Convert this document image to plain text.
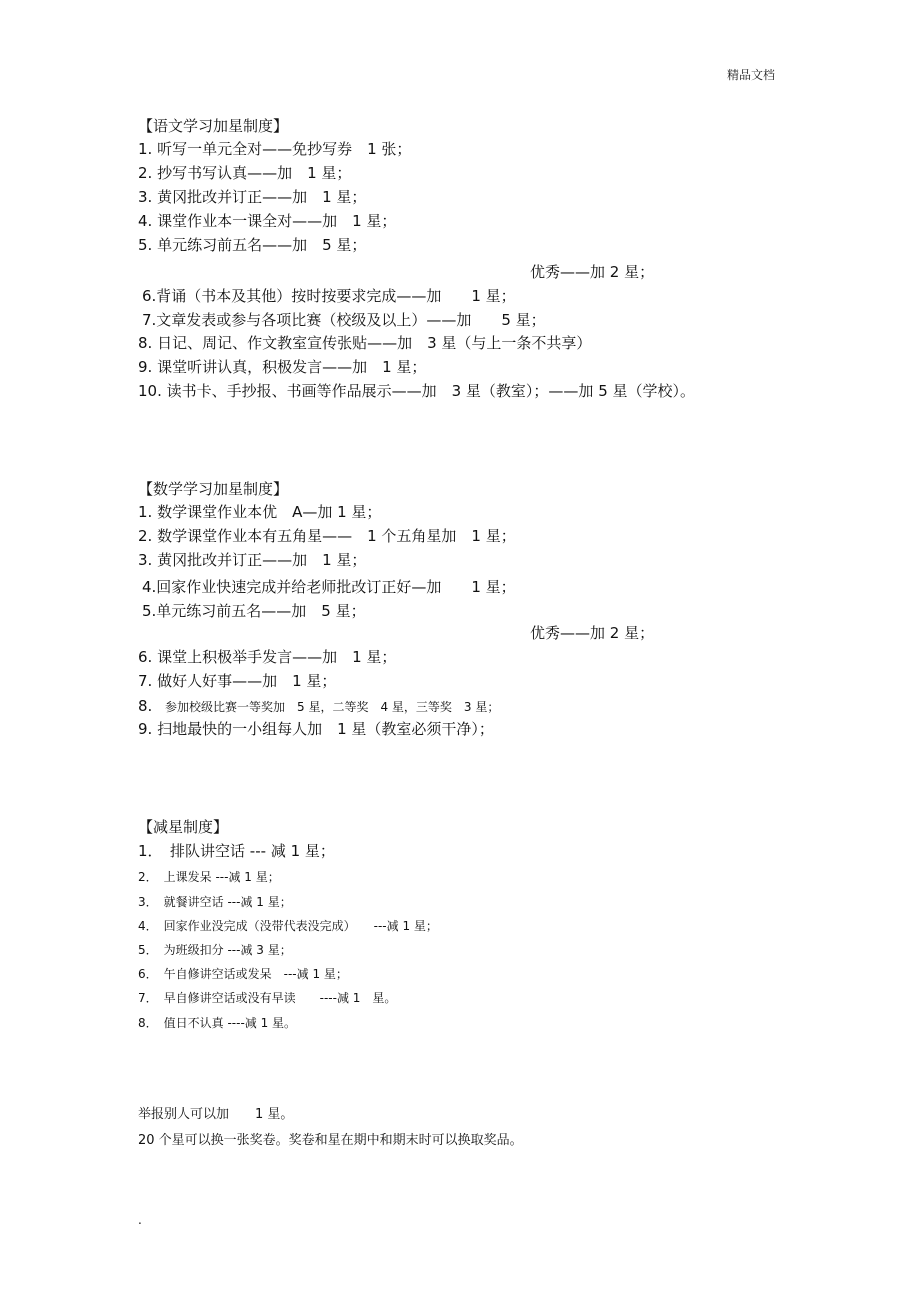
精品文档
【语文学习加星制度】
1. 听写一单元全对——免抄写券　1 张；
2. 抄写书写认真——加　1 星；
3. 黄冈批改并订正——加　1 星；
4. 课堂作业本一课全对——加　1 星；
5. 单元练习前五名——加　5 星；
优秀——加 2 星；
6.背诵（书本及其他）按时按要求完成——加　　1 星；
7.文章发表或参与各项比赛（校级及以上）——加　　5 星；
8. 日记、周记、作文教室宣传张贴——加　3 星（与上一条不共享）
9. 课堂听讲认真，积极发言——加　1 星；
10. 读书卡、手抄报、书画等作品展示——加　3 星（教室）；——加 5 星（学校）。
【数学学习加星制度】
1. 数学课堂作业本优　A—加 1 星；
2. 数学课堂作业本有五角星——　1 个五角星加　1 星；
3. 黄冈批改并订正——加　1 星；
4.回家作业快速完成并给老师批改订正好—加　　1 星；
5.单元练习前五名——加　5 星；
优秀——加 2 星；
6. 课堂上积极举手发言——加　1 星；
7. 做好人好事——加　1 星；
8. 参加校级比赛一等奖加　5 星，二等奖　4 星，三等奖　3 星；
9. 扫地最快的一小组每人加　1 星（教室必须干净）；
【减星制度】
1．　排队讲空话 --- 减 1 星；
2．　上课发呆 ---减 1 星；
3．　就餐讲空话 ---减 1 星；
4．　回家作业没完成（没带代表没完成）　　---减 1 星；
5．　为班级扣分 ---减 3 星；
6．　午自修讲空话或发呆　---减 1 星；
7．　早自修讲空话或没有早读　　----减 1　星。
8．　值日不认真 ----减 1 星。
举报别人可以加　　1 星。
20 个星可以换一张奖卷。奖卷和星在期中和期末时可以换取奖品。
.
